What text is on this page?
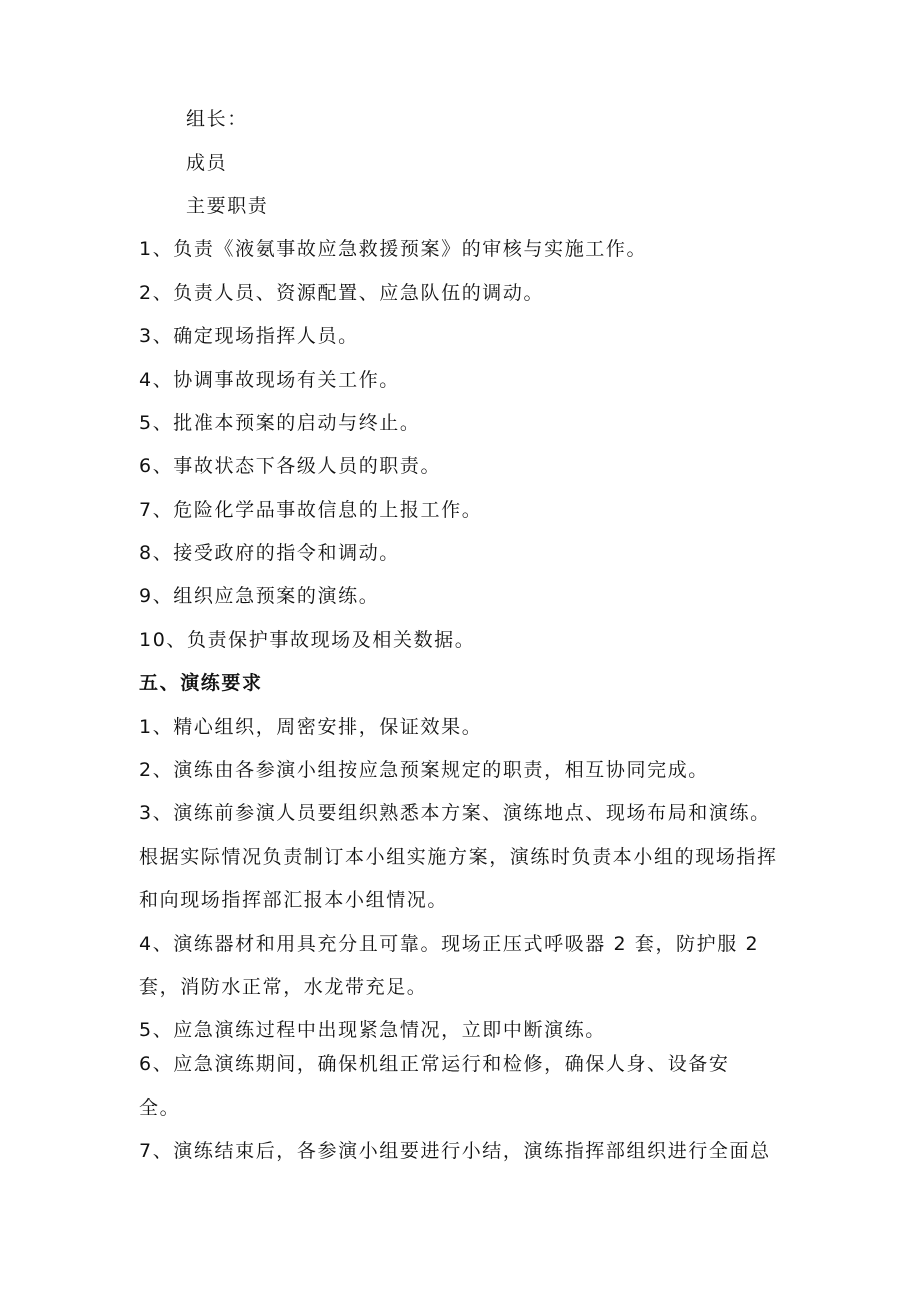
组长：
成员
主要职责
1、负责《液氨事故应急救援预案》的审核与实施工作。
2、负责人员、资源配置、应急队伍的调动。
3、确定现场指挥人员。
4、协调事故现场有关工作。
5、批准本预案的启动与终止。
6、事故状态下各级人员的职责。
7、危险化学品事故信息的上报工作。
8、接受政府的指令和调动。
9、组织应急预案的演练。
10、负责保护事故现场及相关数据。
五、演练要求
1、精心组织，周密安排，保证效果。
2、演练由各参演小组按应急预案规定的职责，相互协同完成。
3、演练前参演人员要组织熟悉本方案、演练地点、现场布局和演练。
根据实际情况负责制订本小组实施方案，演练时负责本小组的现场指挥
和向现场指挥部汇报本小组情况。
4、演练器材和用具充分且可靠。现场正压式呼吸器 2 套，防护服 2
套，消防水正常，水龙带充足。
5、应急演练过程中出现紧急情况，立即中断演练。
6、应急演练期间，确保机组正常运行和检修，确保人身、设备安
全。
7、演练结束后，各参演小组要进行小结，演练指挥部组织进行全面总
